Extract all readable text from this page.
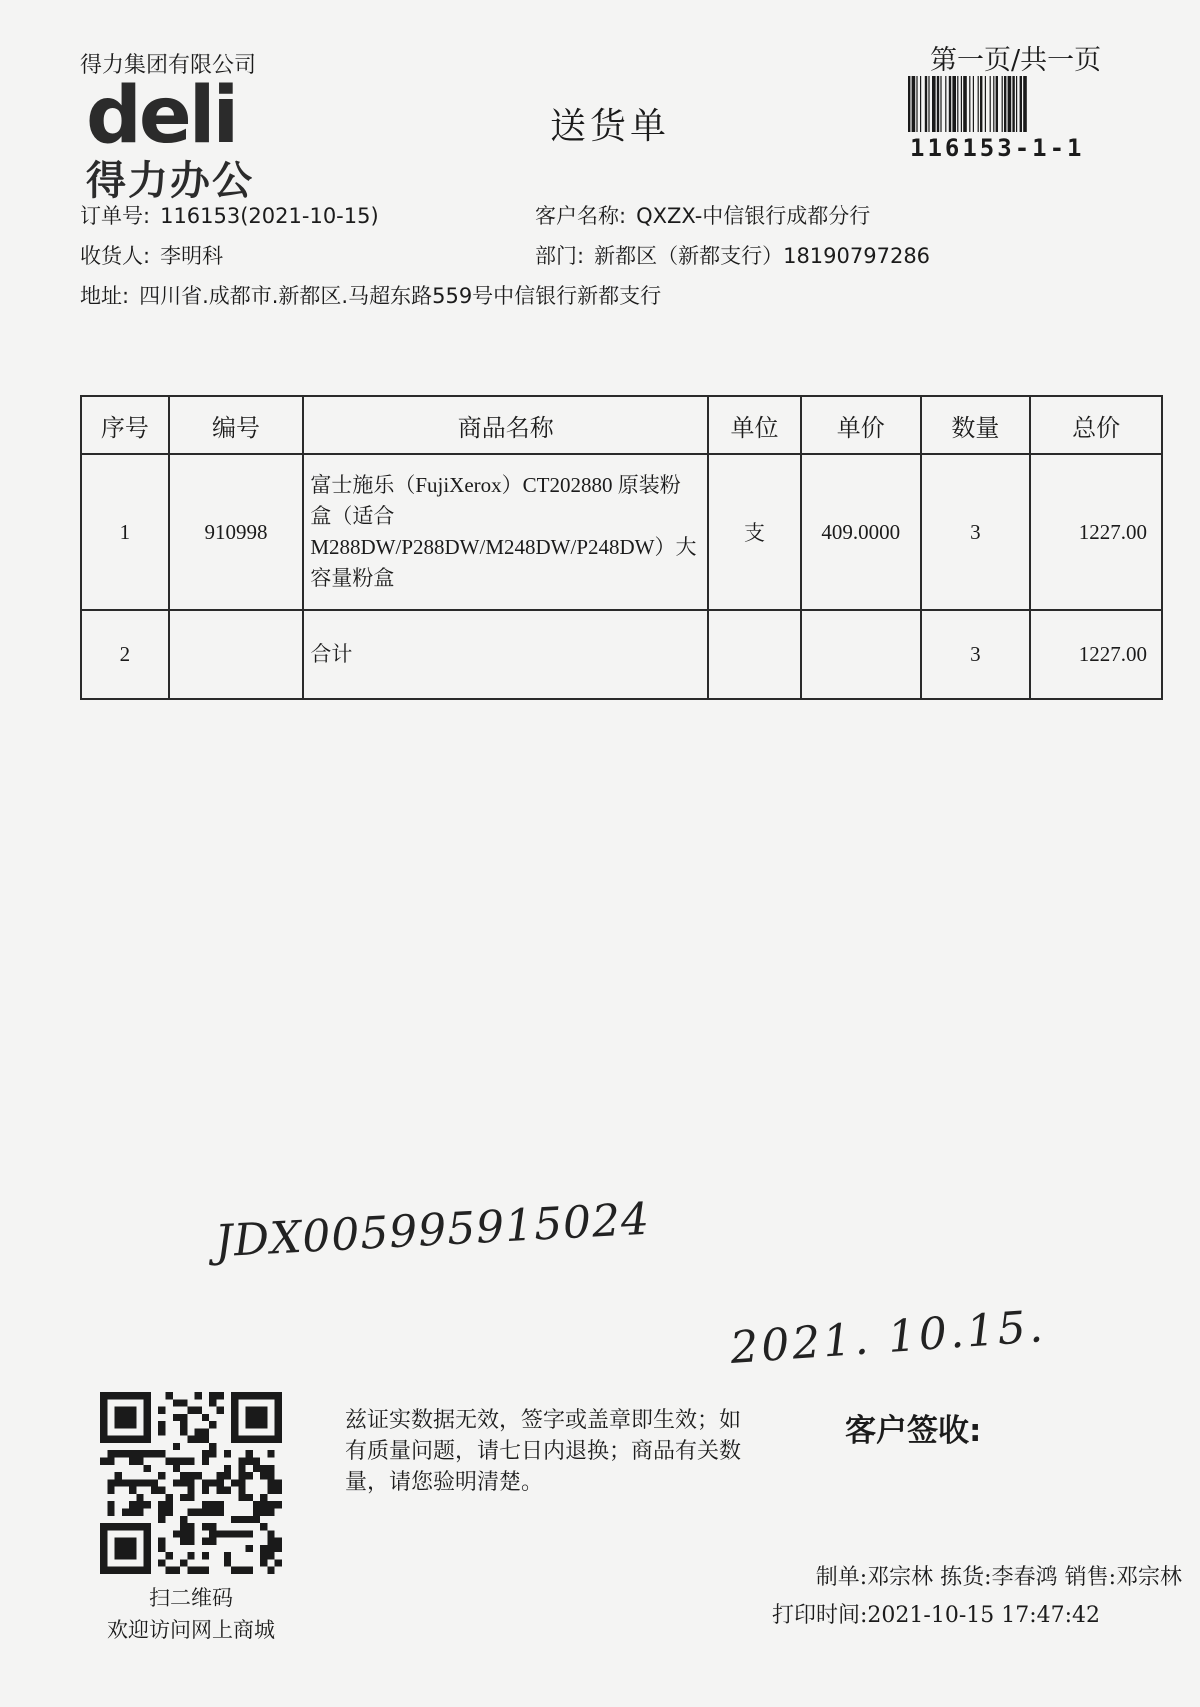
得力集团有限公司
deli
得力办公
送货单
第一页/共一页
116153-1-1
订单号: 116153(2021-10-15)	客户名称: QXZX-中信银行成都分行
收货人: 李明科	部门: 新都区（新都支行）18190797286
地址: 四川省.成都市.新都区.马超东路559号中信银行新都支行
序号	编号	商品名称	单位	单价	数量	总价
1	910998	富士施乐（FujiXerox）CT202880 原装粉盒（适合M288DW/P288DW/M248DW/P248DW）大容量粉盒	支	409.0000	3	1227.00
2		合计			3	1227.00
JDX005995915024
2021. 10.15.
扫二维码
欢迎访问网上商城
兹证实数据无效，签字或盖章即生效；如有质量问题，请七日内退换；商品有关数量，请您验明清楚。
客户签收:
制单:邓宗林 拣货:李春鸿 销售:邓宗林
打印时间:2021-10-15 17:47:42
